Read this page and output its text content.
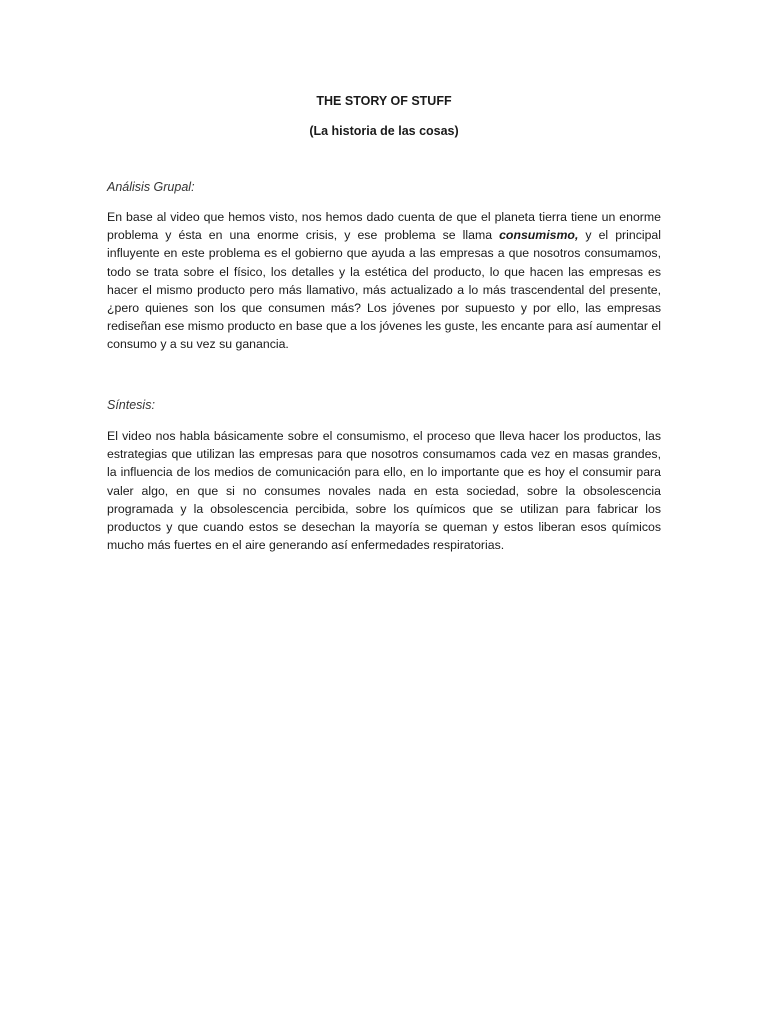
THE STORY OF STUFF
(La historia de las cosas)
Análisis Grupal:

En base al video que hemos visto, nos hemos dado cuenta de que el planeta tierra tiene un enorme problema y ésta en una enorme crisis, y ese problema se llama consumismo, y el principal influyente en este problema es el gobierno que ayuda a las empresas a que nosotros consumamos, todo se trata sobre el físico, los detalles y la estética del producto, lo que hacen las empresas es hacer el mismo producto pero más llamativo, más actualizado a lo más trascendental del presente, ¿pero quienes son los que consumen más? Los jóvenes por supuesto y por ello, las empresas rediseñan ese mismo producto en base que a los jóvenes les guste, les encante para así aumentar el consumo y a su vez su ganancia.

Síntesis:

El video nos habla básicamente sobre el consumismo, el proceso que lleva hacer los productos, las estrategias que utilizan las empresas para que nosotros consumamos cada vez en masas grandes, la influencia de los medios de comunicación para ello, en lo importante que es hoy el consumir para valer algo, en que si no consumes novales nada en esta sociedad, sobre la obsolescencia programada y la obsolescencia percibida, sobre los químicos que se utilizan para fabricar los productos y que cuando estos se desechan la mayoría se queman y estos liberan esos químicos mucho más fuertes en el aire generando así enfermedades respiratorias.
